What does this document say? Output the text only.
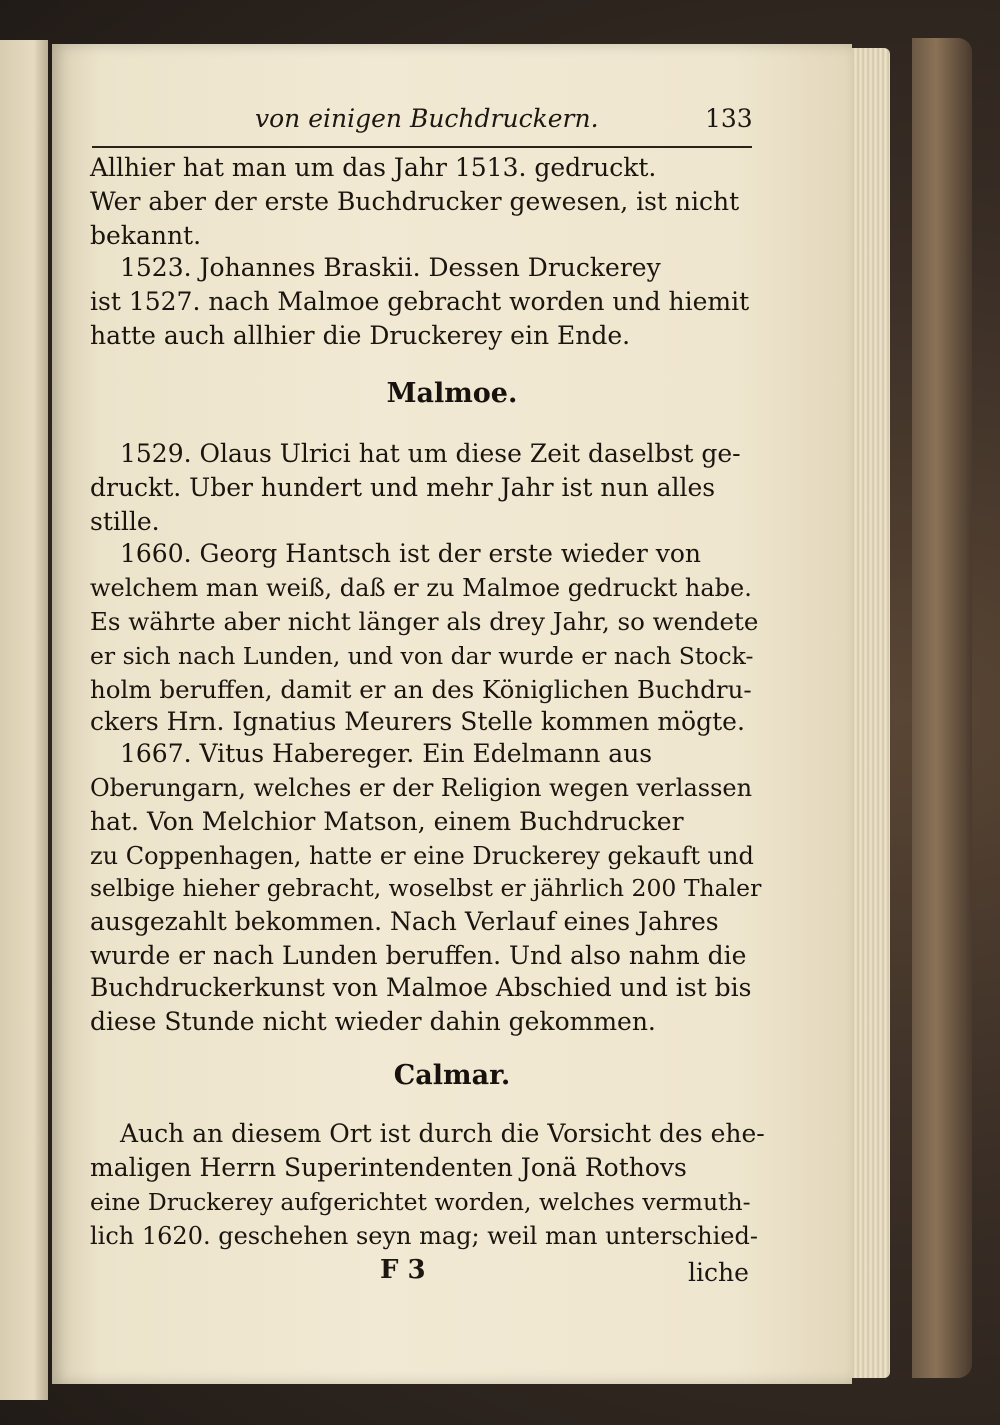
von einigen Buchdruckern.	133
Allhier hat man um das Jahr 1513. gedruckt.
Wer aber der erste Buchdrucker gewesen, ist nicht
bekannt.
1523. Johannes Braskii. Dessen Druckerey
ist 1527. nach Malmoe gebracht worden und hiemit
hatte auch allhier die Druckerey ein Ende.
Malmoe.
1529. Olaus Ulrici hat um diese Zeit daselbst ge-
druckt. Uber hundert und mehr Jahr ist nun alles
stille.
1660. Georg Hantsch ist der erste wieder von
welchem man weiß, daß er zu Malmoe gedruckt habe.
Es währte aber nicht länger als drey Jahr, so wendete
er sich nach Lunden, und von dar wurde er nach Stock-
holm beruffen, damit er an des Königlichen Buchdru-
ckers Hrn. Ignatius Meurers Stelle kommen mögte.
1667. Vitus Habereger. Ein Edelmann aus
Oberungarn, welches er der Religion wegen verlassen
hat. Von Melchior Matson, einem Buchdrucker
zu Coppenhagen, hatte er eine Druckerey gekauft und
selbige hieher gebracht, woselbst er jährlich 200 Thaler
ausgezahlt bekommen. Nach Verlauf eines Jahres
wurde er nach Lunden beruffen. Und also nahm die
Buchdruckerkunst von Malmoe Abschied und ist bis
diese Stunde nicht wieder dahin gekommen.
Calmar.
Auch an diesem Ort ist durch die Vorsicht des ehe-
maligen Herrn Superintendenten Jonä Rothovs
eine Druckerey aufgerichtet worden, welches vermuth-
lich 1620. geschehen seyn mag; weil man unterschied-
F 3	liche
